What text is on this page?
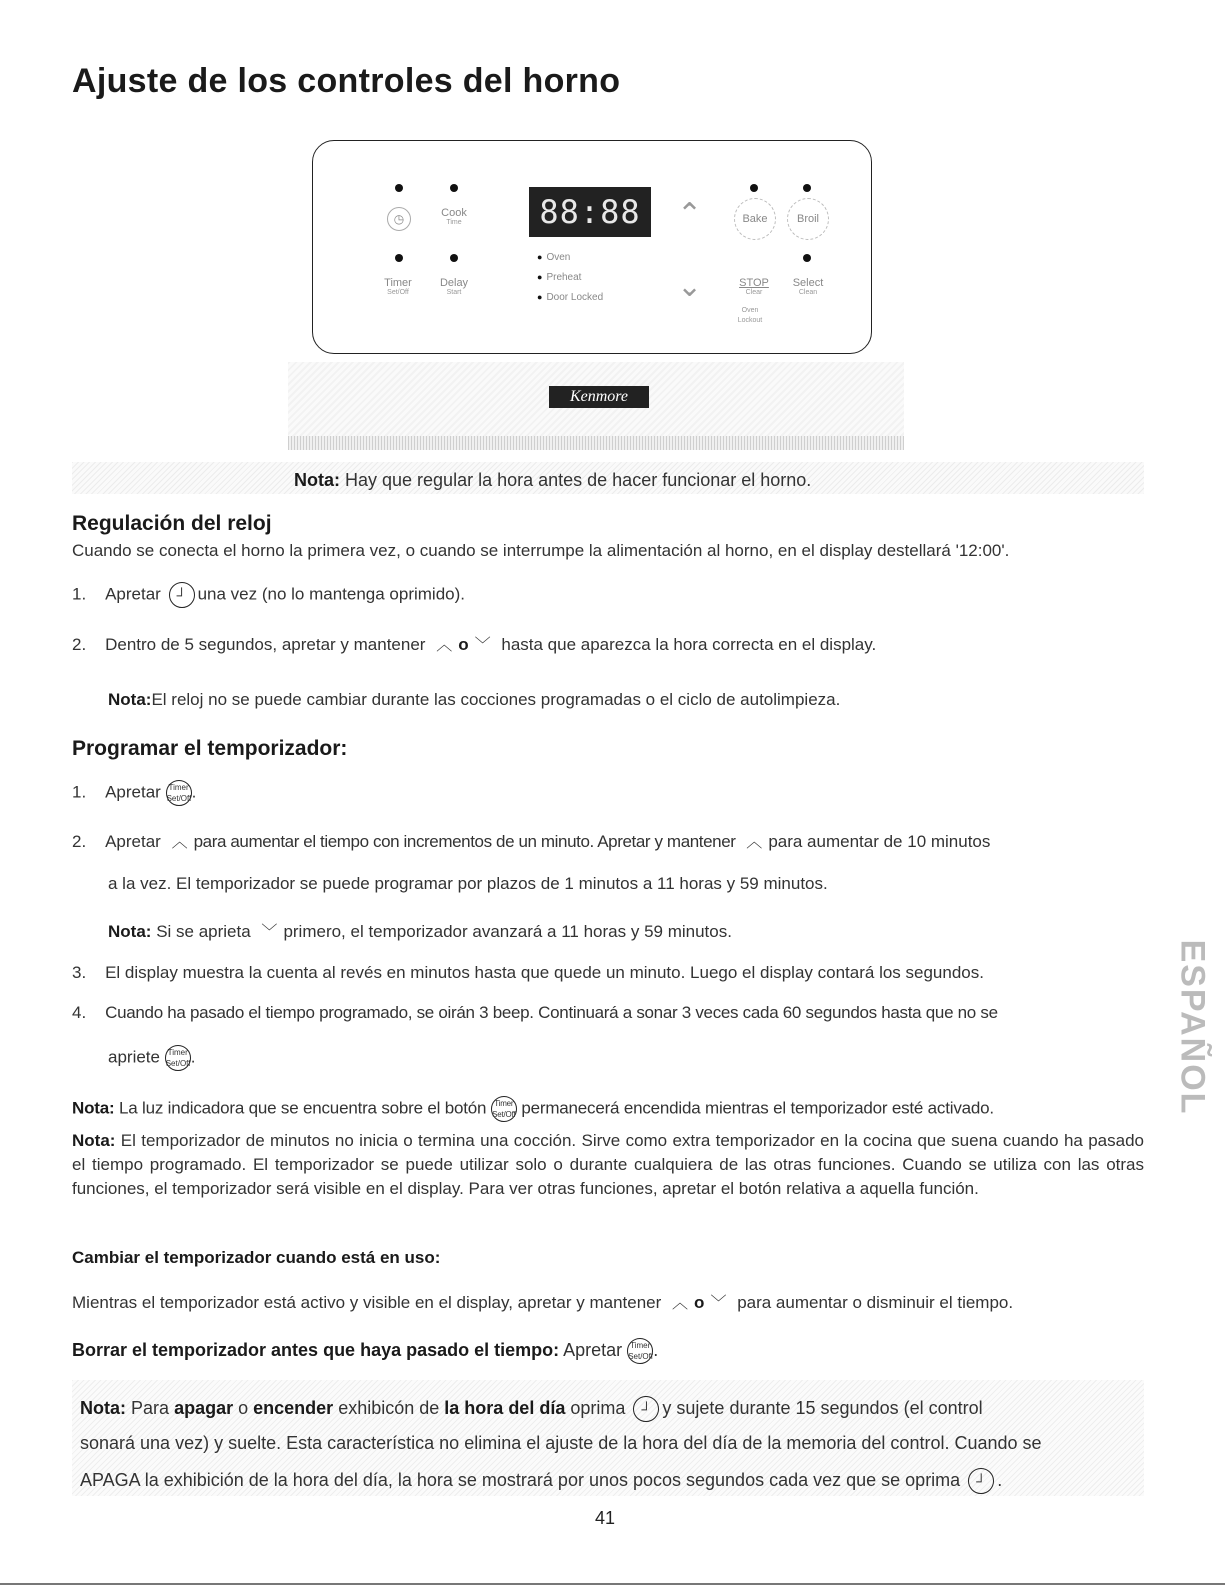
Ajuste de los controles del horno
◷	Cook
Time
Timer
Set/Off
Delay
Start
88:88
● Oven
● Preheat
● Door Locked
⌃
⌄
Bake	Broil
STOP
Clear
Select
Clean
Oven Lockout
Kenmore
Nota: Hay que regular la hora antes de hacer funcionar el horno.
Regulación del reloj
Cuando se conecta el horno la primera vez, o cuando se interrumpe la alimentación al horno, en el display destellará '12:00'.
1. Apretar ┘ una vez (no lo mantenga oprimido).
2. Dentro de 5 segundos, apretar y mantener ︿ o ﹀ hasta que aparezca la hora correcta en el display.
Nota:El reloj no se puede cambiar durante las cocciones programadas o el ciclo de autolimpieza.
Programar el temporizador:
1. Apretar Timer
Set/Off.
2. Apretar ︿ para aumentar el tiempo con incrementos de un minuto. Apretar y mantener ︿ para aumentar de 10 minutos
a la vez. El temporizador se puede programar por plazos de 1 minutos a 11 horas y 59 minutos.
Nota: Si se aprieta ﹀ primero, el temporizador avanzará a 11 horas y 59 minutos.
3. El display muestra la cuenta al revés en minutos hasta que quede un minuto. Luego el display contará los segundos.
4. Cuando ha pasado el tiempo programado, se oirán 3 beep. Continuará a sonar 3 veces cada 60 segundos hasta que no se
apriete Timer
Set/Off.
Nota: La luz indicadora que se encuentra sobre el botón Timer
Set/Off permanecerá encendida mientras el temporizador esté activado.
Nota: El temporizador de minutos no inicia o termina una cocción. Sirve como extra temporizador en la cocina que suena cuando ha pasado el tiempo programado. El temporizador se puede utilizar solo o durante cualquiera de las otras funciones. Cuando se utiliza con las otras funciones, el temporizador será visible en el display. Para ver otras funciones, apretar el botón relativa a aquella función.
Cambiar el temporizador cuando está en uso:
Mientras el temporizador está activo y visible en el display, apretar y mantener ︿ o ﹀ para aumentar o disminuir el tiempo.
Borrar el temporizador antes que haya pasado el tiempo: Apretar Timer
Set/Off.
Nota: Para apagar o encender exhibicón de la hora del día oprima ┘ y sujete durante 15 segundos (el control
sonará una vez) y suelte. Esta característica no elimina el ajuste de la hora del día de la memoria del control. Cuando se
APAGA la exhibición de la hora del día, la hora se mostrará por unos pocos segundos cada vez que se oprima ┘ .
41
ESPAÑOL
